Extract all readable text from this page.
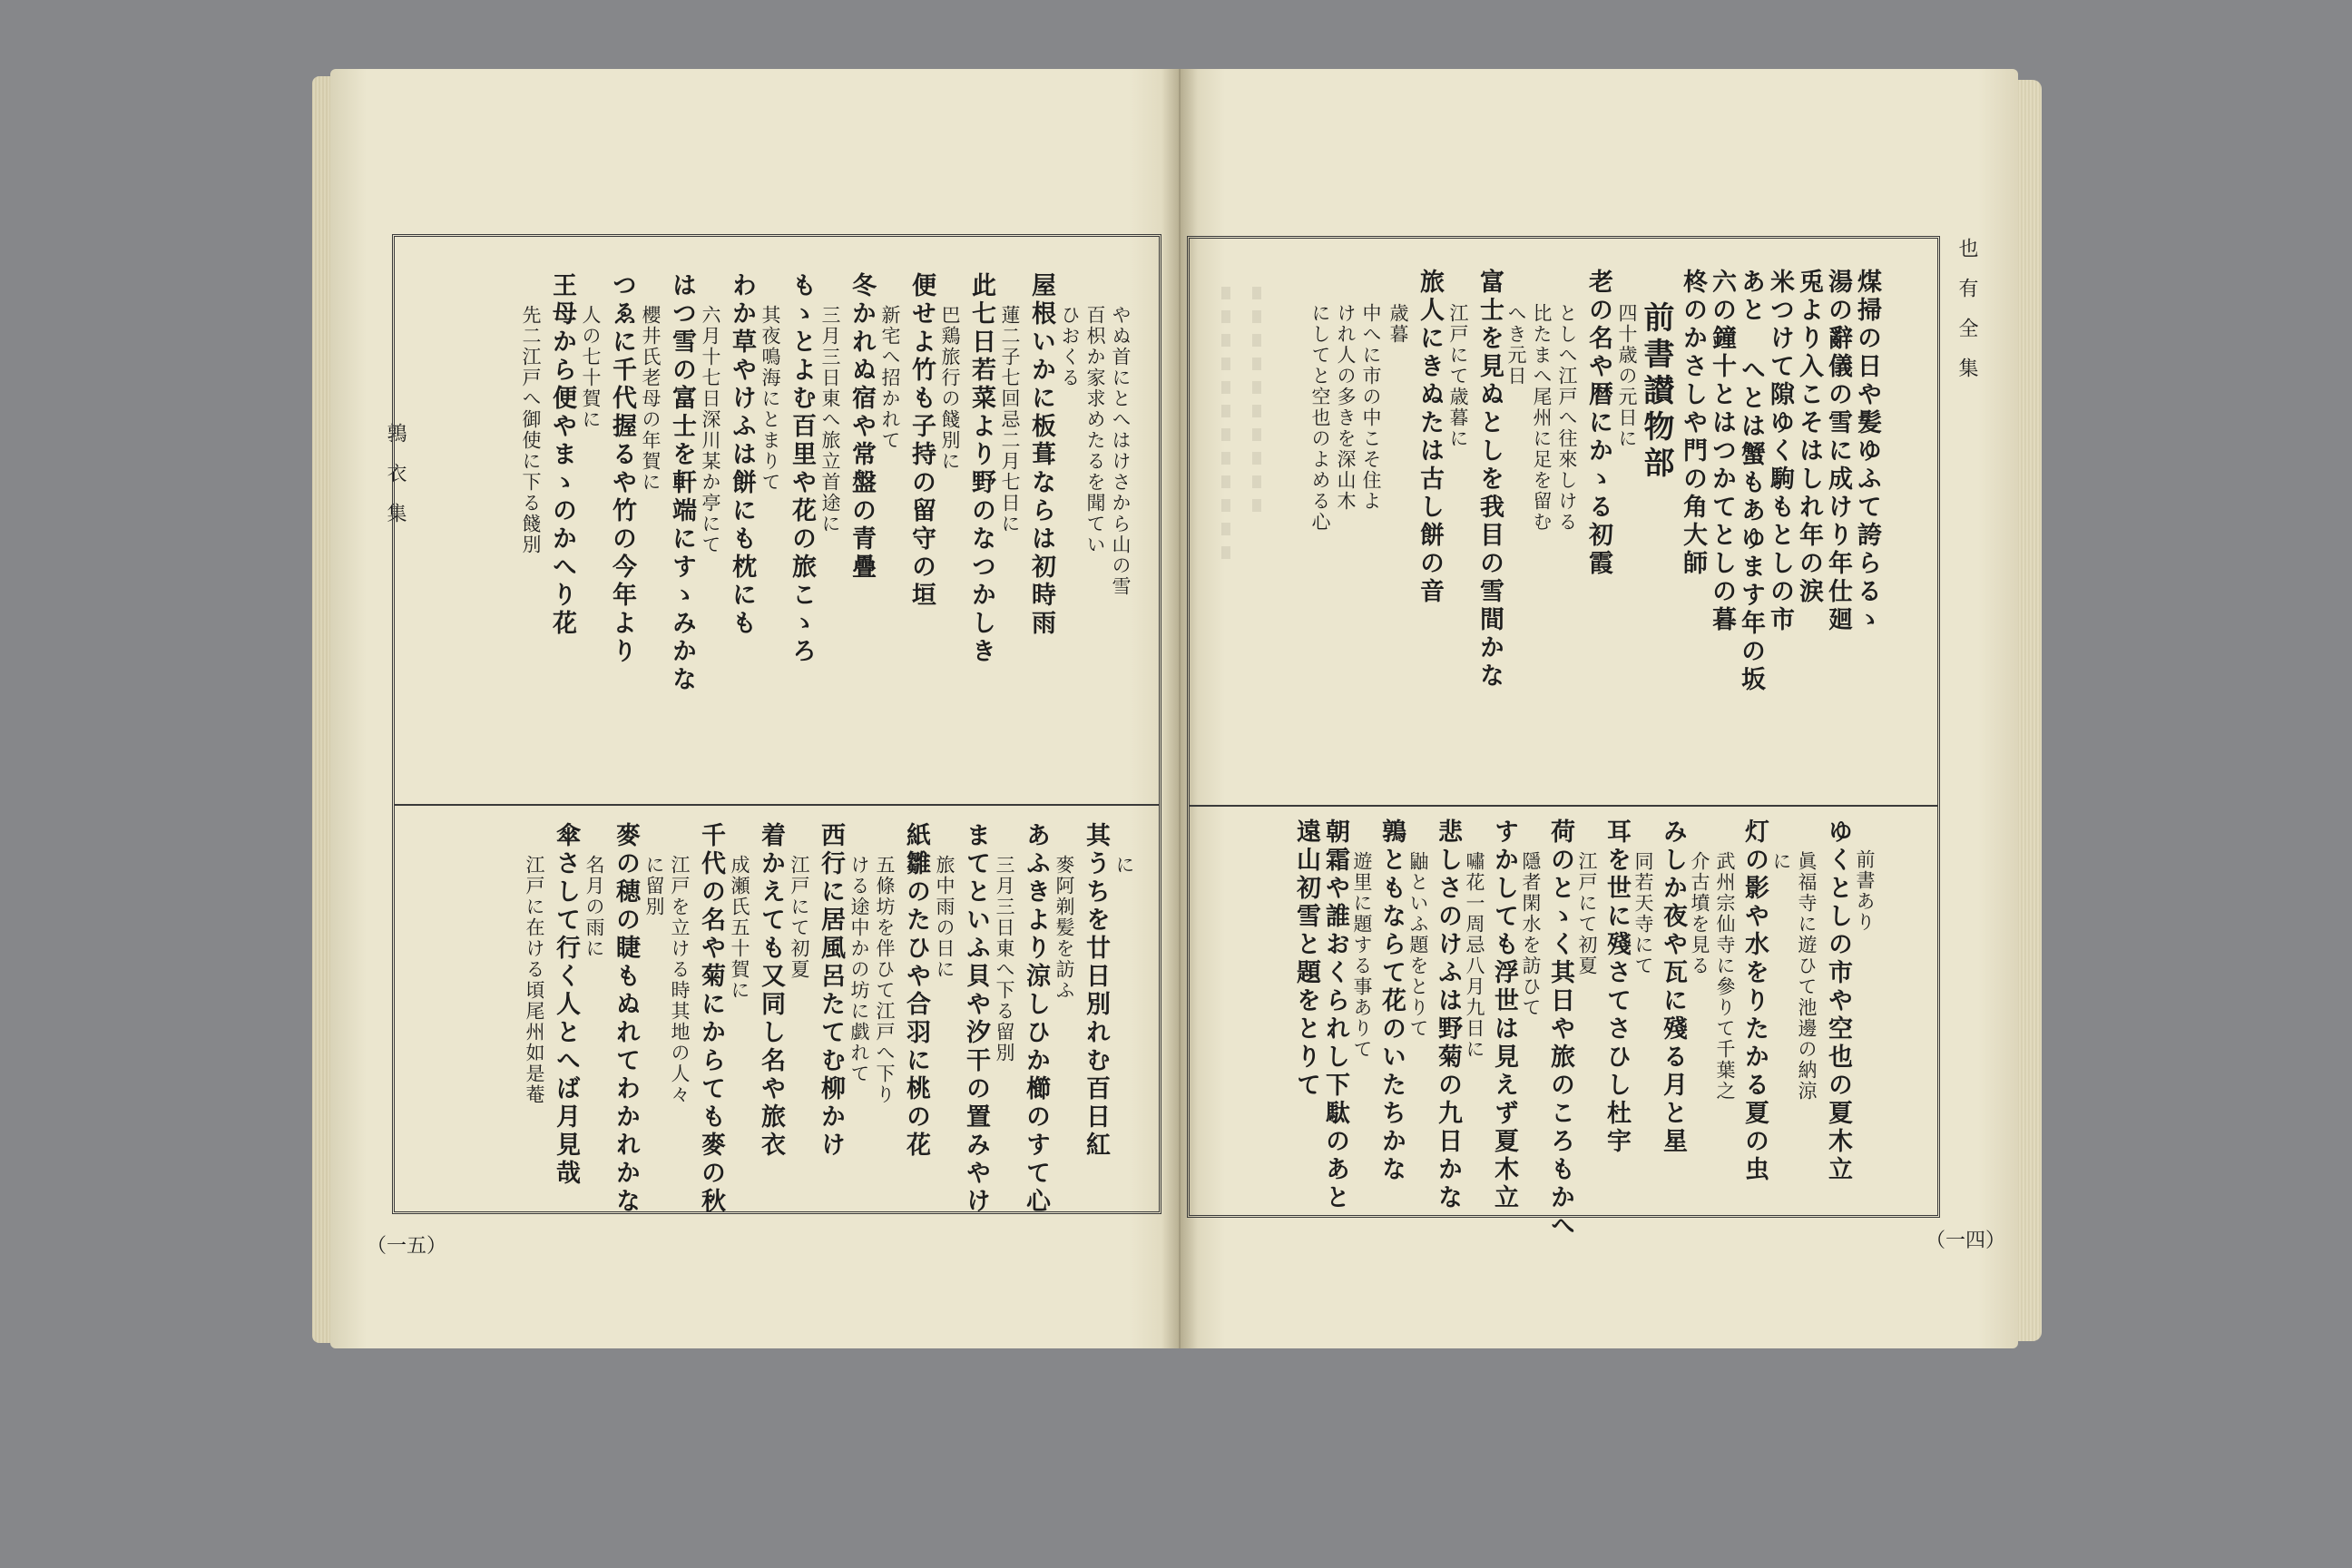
鶉衣集
也有全集
（一五）	（一四）
煤掃の日や髪ゆふて誇らるゝ
湯の辭儀の雪に成けり年仕廻
兎より入こそはしれ年の涙
米つけて隙ゆく駒もとしの市
あと へとは蟹もあゆます年の坂
六の鐘十とはつかてとしの暮
柊のかさしや門の角大師
前書讃物部
四十歳の元日に
老の名や暦にかゝる初霞
としへ江戸へ往來しける
比たまへ尾州に足を留む
へき元日
富士を見ぬとしを我目の雪間かな
江戸にて歳暮に
旅人にきぬたは古し餅の音
歳暮
中へに市の中こそ住よ
けれ人の多きを深山木
にしてと空也のよめる心
前書あり
ゆくとしの市や空也の夏木立
眞福寺に遊ひて池邊の納涼
に
灯の影や水をりたかる夏の虫
武州宗仙寺に參りて千葉之
介古墳を見る
みしか夜や瓦に殘る月と星
同若天寺にて
耳を世に殘さてさひし杜宇
江戸にて初夏
荷のとゝく其日や旅のころもかへ
隱者閑水を訪ひて
すかしても浮世は見えず夏木立
嘯花一周忌八月九日に
悲しさのけふは野菊の九日かな
鼬といふ題をとりて
鶉ともならて花のいたちかな
遊里に題する事ありて
朝霜や誰おくられし下駄のあと
遠山初雪と題をとりて
やぬ首にとへはけさから山の雪
百枳か家求めたるを聞てい
ひおくる
屋根いかに板葺ならは初時雨
蓮二子七回忌二月七日に
此七日若菜より野のなつかしき
巴鶏旅行の餞別に
便せよ竹も子持の留守の垣
新宅へ招かれて
冬かれぬ宿や常盤の青疊
三月三日東へ旅立首途に
もゝとよむ百里や花の旅こゝろ
其夜鳴海にとまりて
わか草やけふは餅にも枕にも
六月十七日深川某か亭にて
はつ雪の富士を軒端にすゝみかな
櫻井氏老母の年賀に
つゑに千代握るや竹の今年より
人の七十賀に
王母から便やまゝのかへり花
先二江戸へ御使に下る餞別
に
其うちを廿日別れむ百日紅
麥阿剃髪を訪ふ
あふきより涼しひか櫛のすて心
三月三日東へ下る留別
まてといふ貝や汐干の置みやけ
旅中雨の日に
紙雛のたひや合羽に桃の花
五條坊を伴ひて江戸へ下り
ける途中かの坊に戯れて
西行に居風呂たてむ柳かけ
江戸にて初夏
着かえても又同し名や旅衣
成瀬氏五十賀に
千代の名や菊にからても麥の秋
江戸を立ける時其地の人々
に留別
麥の穂の睫もぬれてわかれかな
名月の雨に
傘さして行く人とへば月見哉
江戸に在ける頃尾州如是菴
